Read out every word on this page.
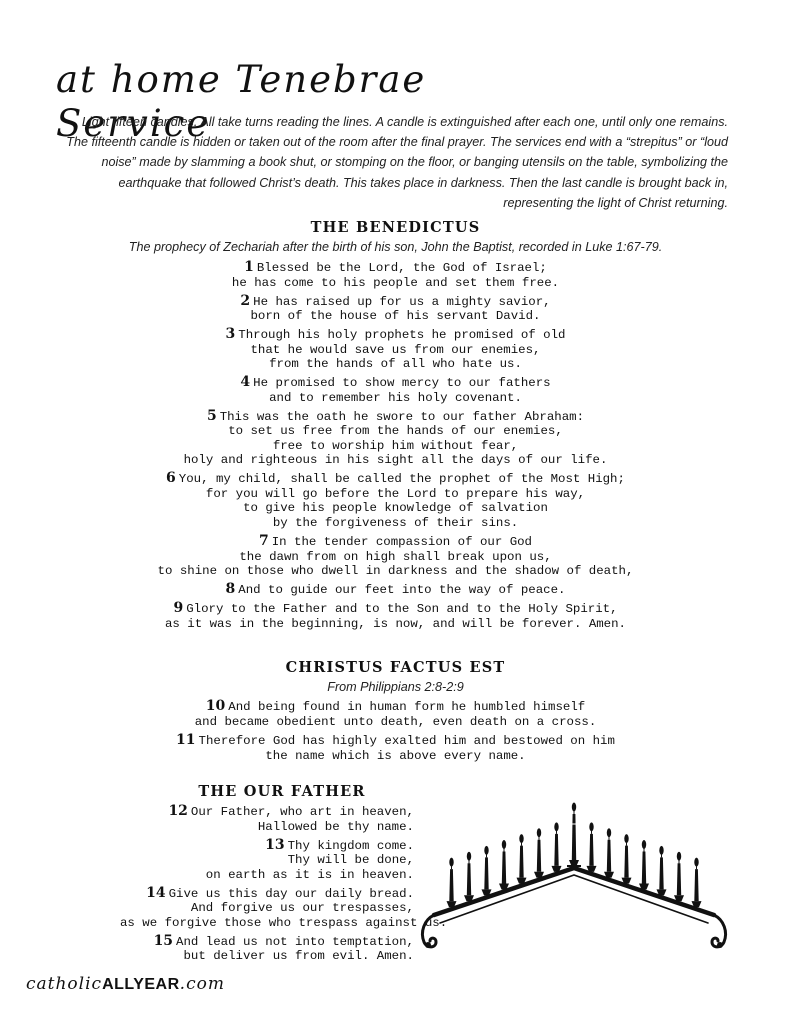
at home Tenebrae Service
Light fifteen candles. All take turns reading the lines. A candle is extinguished after each one, until only one remains. The fifteenth candle is hidden or taken out of the room after the final prayer. The services end with a “strepitus” or “loud noise” made by slamming a book shut, or stomping on the floor, or banging utensils on the table, symbolizing the earthquake that followed Christ’s death. This takes place in darkness. Then the last candle is brought back in, representing the light of Christ returning.
THE BENEDICTUS
The prophecy of Zechariah after the birth of his son, John the Baptist, recorded in Luke 1:67-79.
1 Blessed be the Lord, the God of Israel;
he has come to his people and set them free.
2 He has raised up for us a mighty savior,
born of the house of his servant David.
3 Through his holy prophets he promised of old
that he would save us from our enemies,
from the hands of all who hate us.
4 He promised to show mercy to our fathers
and to remember his holy covenant.
5 This was the oath he swore to our father Abraham:
to set us free from the hands of our enemies,
free to worship him without fear,
holy and righteous in his sight all the days of our life.
6 You, my child, shall be called the prophet of the Most High;
for you will go before the Lord to prepare his way,
to give his people knowledge of salvation
by the forgiveness of their sins.
7 In the tender compassion of our God
the dawn from on high shall break upon us,
to shine on those who dwell in darkness and the shadow of death,
8 And to guide our feet into the way of peace.
9 Glory to the Father and to the Son and to the Holy Spirit,
as it was in the beginning, is now, and will be forever. Amen.
CHRISTUS FACTUS EST
From Philippians 2:8-2:9
10 And being found in human form he humbled himself
and became obedient unto death, even death on a cross.
11 Therefore God has highly exalted him and bestowed on him
the name which is above every name.
THE OUR FATHER
12 Our Father, who art in heaven,
Hallowed be thy name.
13 Thy kingdom come.
Thy will be done,
on earth as it is in heaven.
14 Give us this day our daily bread.
And forgive us our trespasses,
as we forgive those who trespass against us.
15 And lead us not into temptation,
but deliver us from evil. Amen.
catholicALLYEAR.com
